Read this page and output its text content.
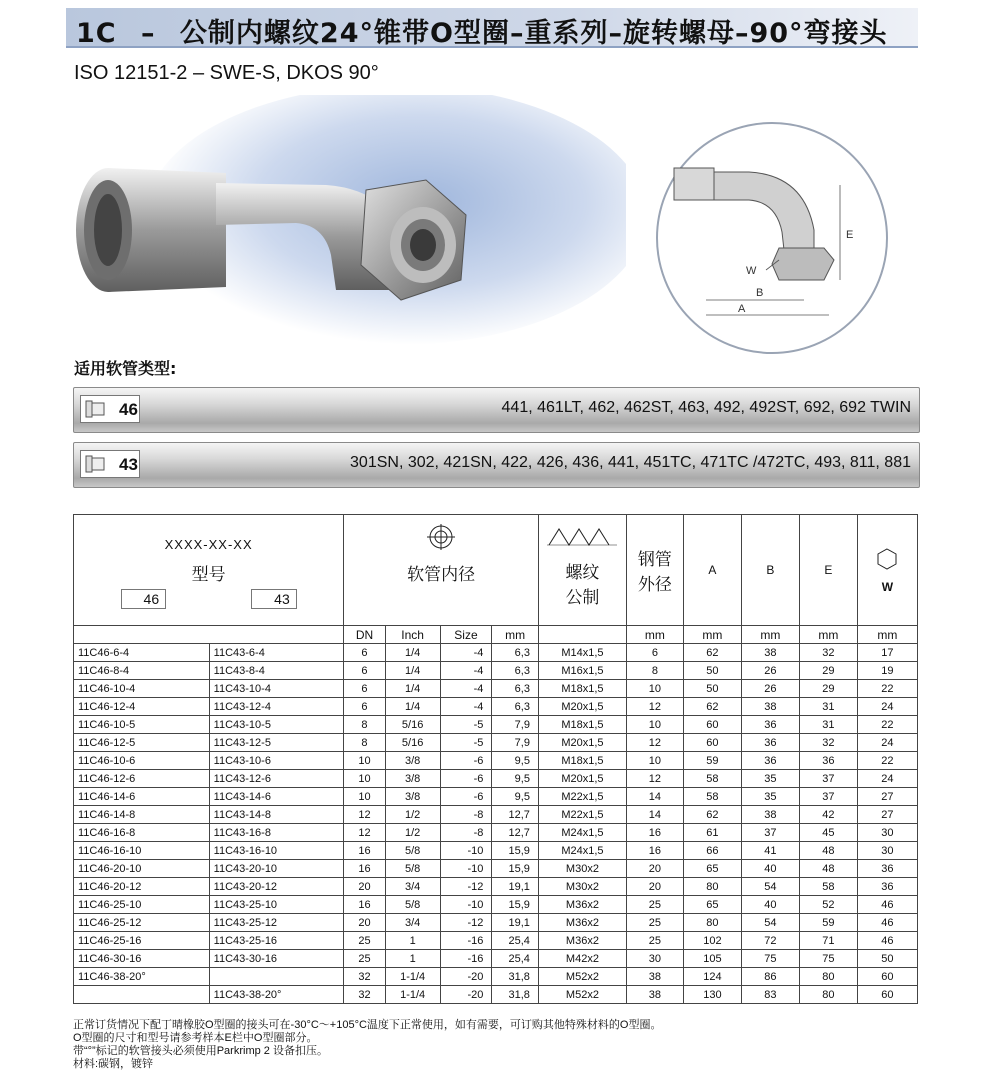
1C – 公制内螺纹24°锥带O型圈–重系列–旋转螺母–90°弯接头
ISO 12151-2 – SWE-S, DKOS 90°
W
B
A
E
适用软管类型:
46	441, 461LT, 462, 462ST, 463, 492, 492ST, 692, 692 TWIN
43	301SN, 302, 421SN, 422, 426, 436, 441, 451TC, 471TC /472TC, 493, 811, 881
XXXX-XX-XX
型号
46 43		软管内径				螺纹 公制	钢管 外径	A	B	E	W

		DN	Inch	Size	mm		mm	mm	mm	mm	mm
11C46-6-4	11C43-6-4	6	1/4	-4	6,3	M14x1,5	6	62	38	32	17
11C46-8-4	11C43-8-4	6	1/4	-4	6,3	M16x1,5	8	50	26	29	19
11C46-10-4	11C43-10-4	6	1/4	-4	6,3	M18x1,5	10	50	26	29	22
11C46-12-4	11C43-12-4	6	1/4	-4	6,3	M20x1,5	12	62	38	31	24
11C46-10-5	11C43-10-5	8	5/16	-5	7,9	M18x1,5	10	60	36	31	22
11C46-12-5	11C43-12-5	8	5/16	-5	7,9	M20x1,5	12	60	36	32	24
11C46-10-6	11C43-10-6	10	3/8	-6	9,5	M18x1,5	10	59	36	36	22
11C46-12-6	11C43-12-6	10	3/8	-6	9,5	M20x1,5	12	58	35	37	24
11C46-14-6	11C43-14-6	10	3/8	-6	9,5	M22x1,5	14	58	35	37	27
11C46-14-8	11C43-14-8	12	1/2	-8	12,7	M22x1,5	14	62	38	42	27
11C46-16-8	11C43-16-8	12	1/2	-8	12,7	M24x1,5	16	61	37	45	30
11C46-16-10	11C43-16-10	16	5/8	-10	15,9	M24x1,5	16	66	41	48	30
11C46-20-10	11C43-20-10	16	5/8	-10	15,9	M30x2	20	65	40	48	36
11C46-20-12	11C43-20-12	20	3/4	-12	19,1	M30x2	20	80	54	58	36
11C46-25-10	11C43-25-10	16	5/8	-10	15,9	M36x2	25	65	40	52	46
11C46-25-12	11C43-25-12	20	3/4	-12	19,1	M36x2	25	80	54	59	46
11C46-25-16	11C43-25-16	25	1	-16	25,4	M36x2	25	102	72	71	46
11C46-30-16	11C43-30-16	25	1	-16	25,4	M42x2	30	105	75	75	50
11C46-38-20°		32	1-1/4	-20	31,8	M52x2	38	124	86	80	60
	11C43-38-20°	32	1-1/4	-20	31,8	M52x2	38	130	83	80	60
正常订货情况下配丁晴橡胶O型圈的接头可在-30°C～+105°C温度下正常使用，如有需要，可订购其他特殊材料的O型圈。
O型圈的尺寸和型号请参考样本E栏中O型圈部分。
带“°”标记的软管接头必须使用Parkrimp 2 设备扣压。
材料:碳钢，镀锌
